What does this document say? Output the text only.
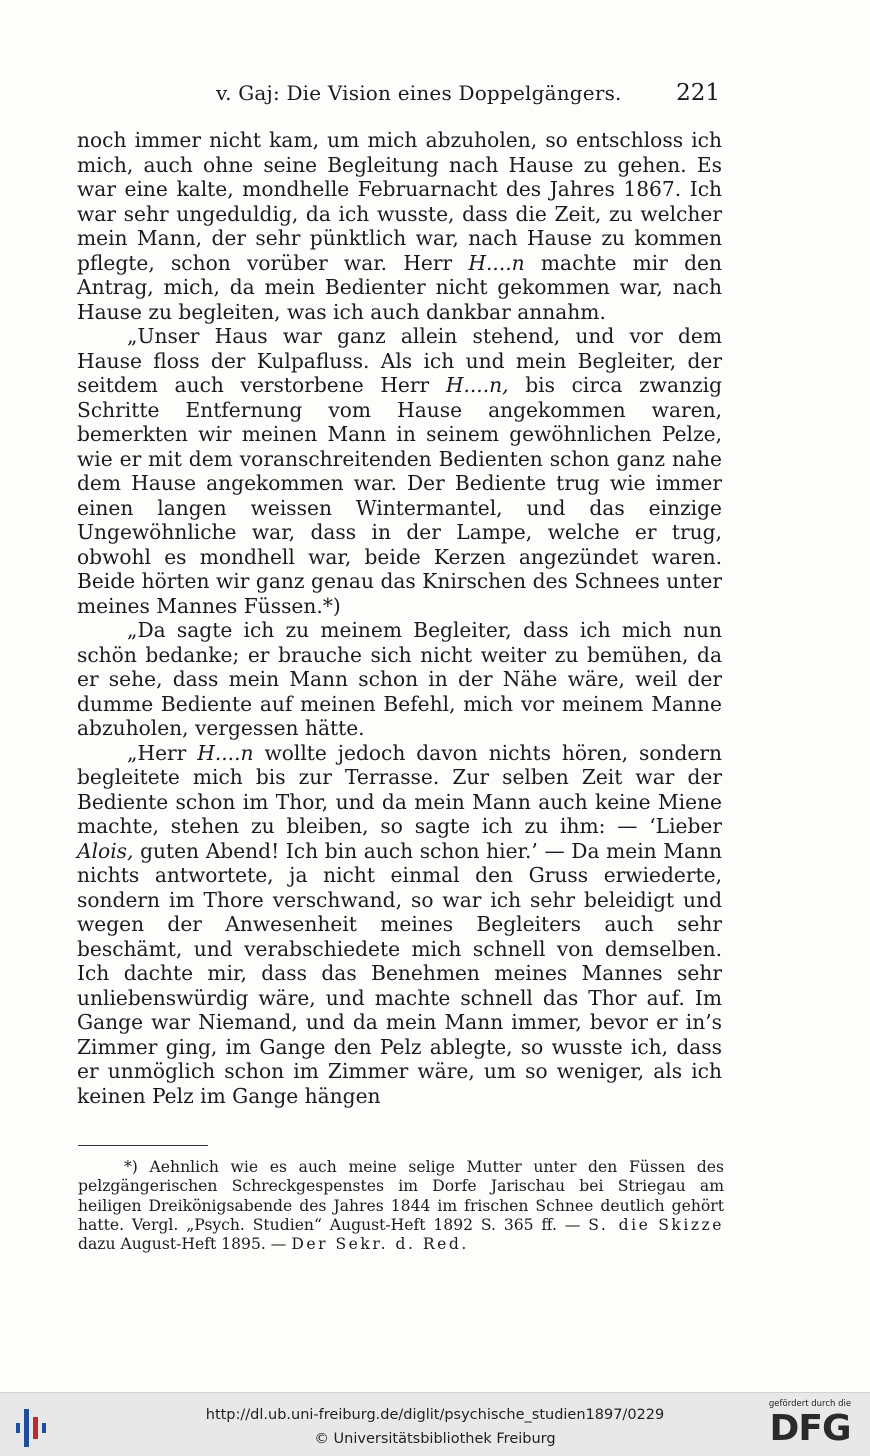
v. Gaj: Die Vision eines Doppelgängers. 221

noch immer nicht kam, um mich abzuholen, so entschloss ich mich, auch ohne seine Begleitung nach Hause zu gehen. Es war eine kalte, mondhelle Februarnacht des Jahres 1867. Ich war sehr ungeduldig, da ich wusste, dass die Zeit, zu welcher mein Mann, der sehr pünktlich war, nach Hause zu kommen pflegte, schon vorüber war. Herr H....n machte mir den Antrag, mich, da mein Bedienter nicht gekommen war, nach Hause zu begleiten, was ich auch dankbar annahm.

„Unser Haus war ganz allein stehend, und vor dem Hause floss der Kulpafluss. Als ich und mein Begleiter, der seitdem auch verstorbene Herr H....n, bis circa zwanzig Schritte Entfernung vom Hause angekommen waren, bemerkten wir meinen Mann in seinem gewöhnlichen Pelze, wie er mit dem voranschreitenden Bedienten schon ganz nahe dem Hause angekommen war. Der Bediente trug wie immer einen langen weissen Wintermantel, und das einzige Ungewöhnliche war, dass in der Lampe, welche er trug, obwohl es mondhell war, beide Kerzen angezündet waren. Beide hörten wir ganz genau das Knirschen des Schnees unter meines Mannes Füssen.*)

„Da sagte ich zu meinem Begleiter, dass ich mich nun schön bedanke; er brauche sich nicht weiter zu bemühen, da er sehe, dass mein Mann schon in der Nähe wäre, weil der dumme Bediente auf meinen Befehl, mich vor meinem Manne abzuholen, vergessen hätte.

„Herr H....n wollte jedoch davon nichts hören, sondern begleitete mich bis zur Terrasse. Zur selben Zeit war der Bediente schon im Thor, und da mein Mann auch keine Miene machte, stehen zu bleiben, so sagte ich zu ihm: — ‘Lieber Alois, guten Abend! Ich bin auch schon hier.’ — Da mein Mann nichts antwortete, ja nicht einmal den Gruss erwiederte, sondern im Thore verschwand, so war ich sehr beleidigt und wegen der Anwesenheit meines Begleiters auch sehr beschämt, und verabschiedete mich schnell von demselben. Ich dachte mir, dass das Benehmen meines Mannes sehr unliebenswürdig wäre, und machte schnell das Thor auf. Im Gange war Niemand, und da mein Mann immer, bevor er in’s Zimmer ging, im Gange den Pelz ablegte, so wusste ich, dass er unmöglich schon im Zimmer wäre, um so weniger, als ich keinen Pelz im Gange hängen

*) Aehnlich wie es auch meine selige Mutter unter den Füssen des pelzgängerischen Schreckgespenstes im Dorfe Jarischau bei Striegau am heiligen Dreikönigsabende des Jahres 1844 im frischen Schnee deutlich gehört hatte. Vergl. „Psych. Studien“ August-Heft 1892 S. 365 ff. — S. die Skizze dazu August-Heft 1895. — Der Sekr. d. Red.

http://dl.ub.uni-freiburg.de/diglit/psychische_studien1897/0229
© Universitätsbibliothek Freiburg
gefördert durch die
DFG
